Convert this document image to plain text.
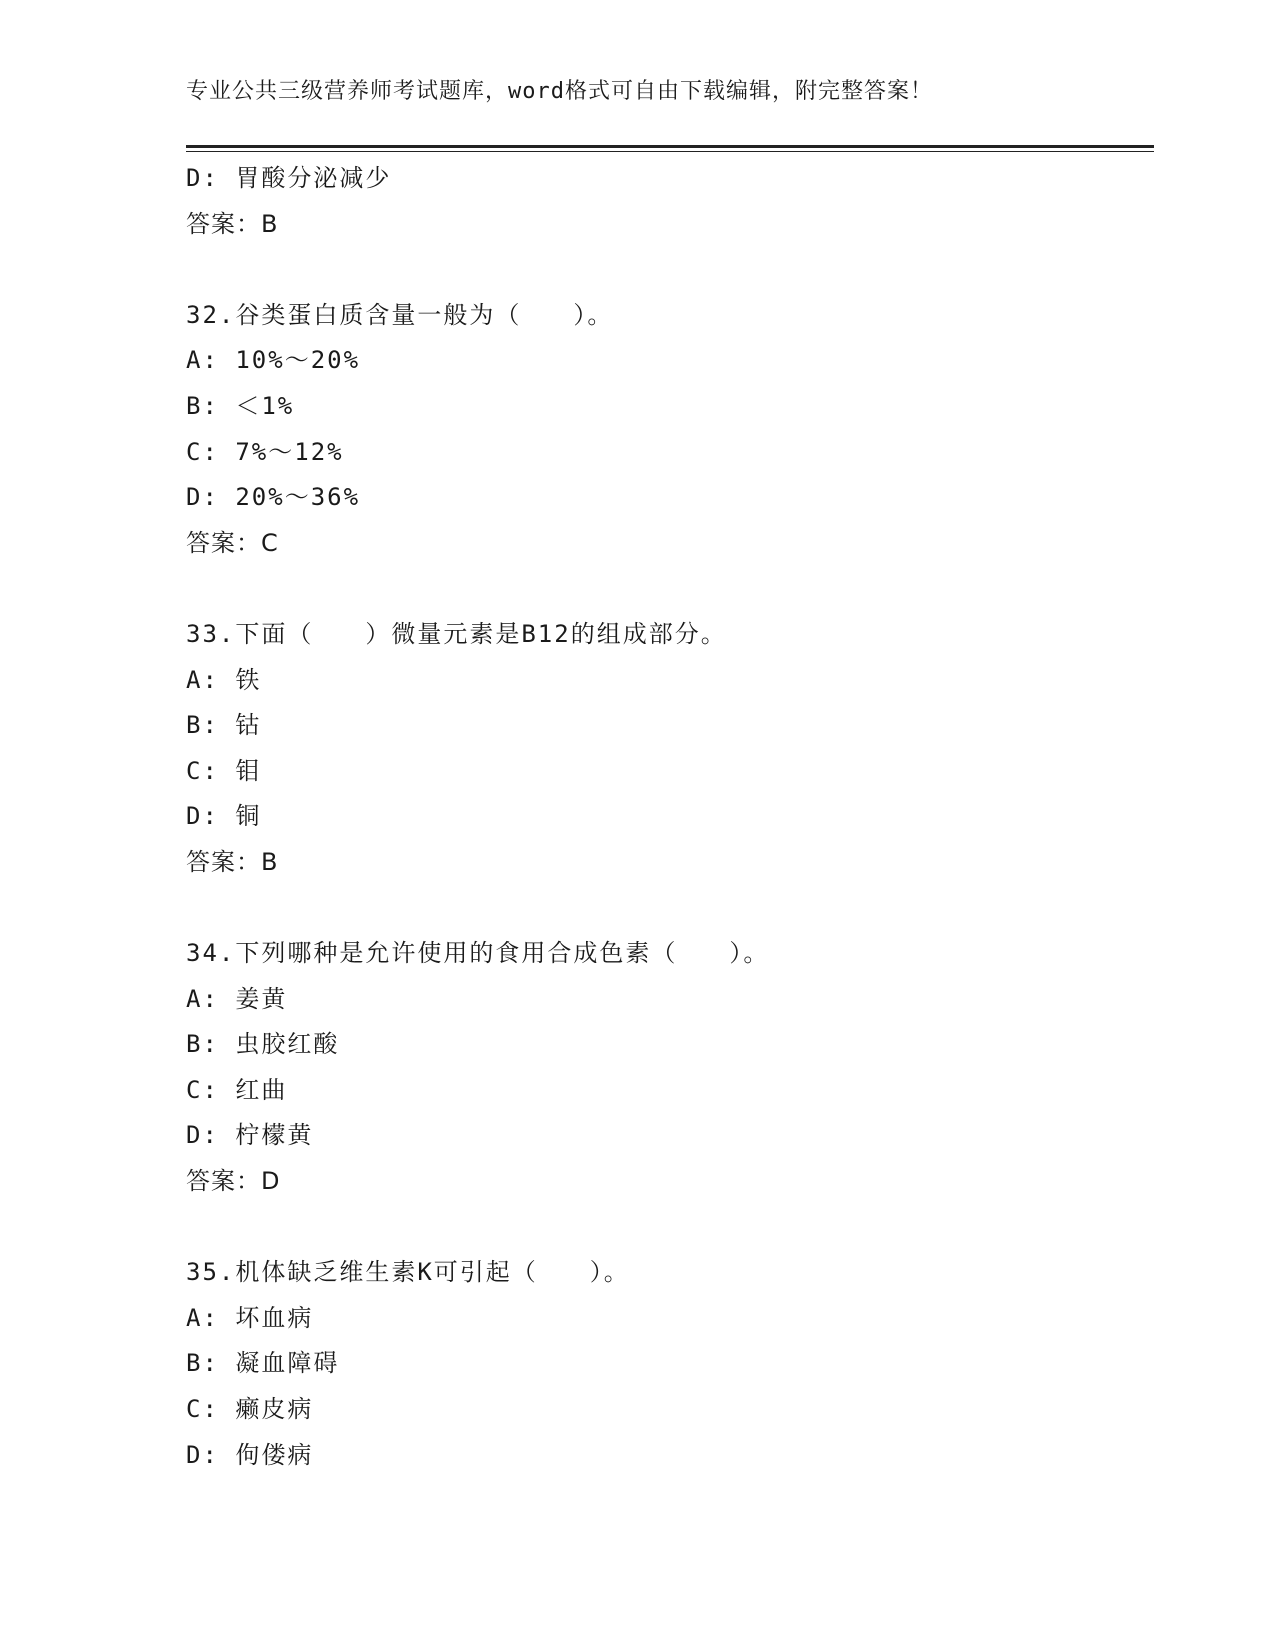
专业公共三级营养师考试题库，word格式可自由下载编辑，附完整答案！
D: 胃酸分泌减少
答案：B
32.谷类蛋白质含量一般为（　　）。
A: 10%～20%
B: ＜1%
C: 7%～12%
D: 20%～36%
答案：C
33.下面（　　）微量元素是B12的组成部分。
A: 铁
B: 钴
C: 钼
D: 铜
答案：B
34.下列哪种是允许使用的食用合成色素（　　）。
A: 姜黄
B: 虫胶红酸
C: 红曲
D: 柠檬黄
答案：D
35.机体缺乏维生素K可引起（　　）。
A: 坏血病
B: 凝血障碍
C: 癞皮病
D: 佝偻病
